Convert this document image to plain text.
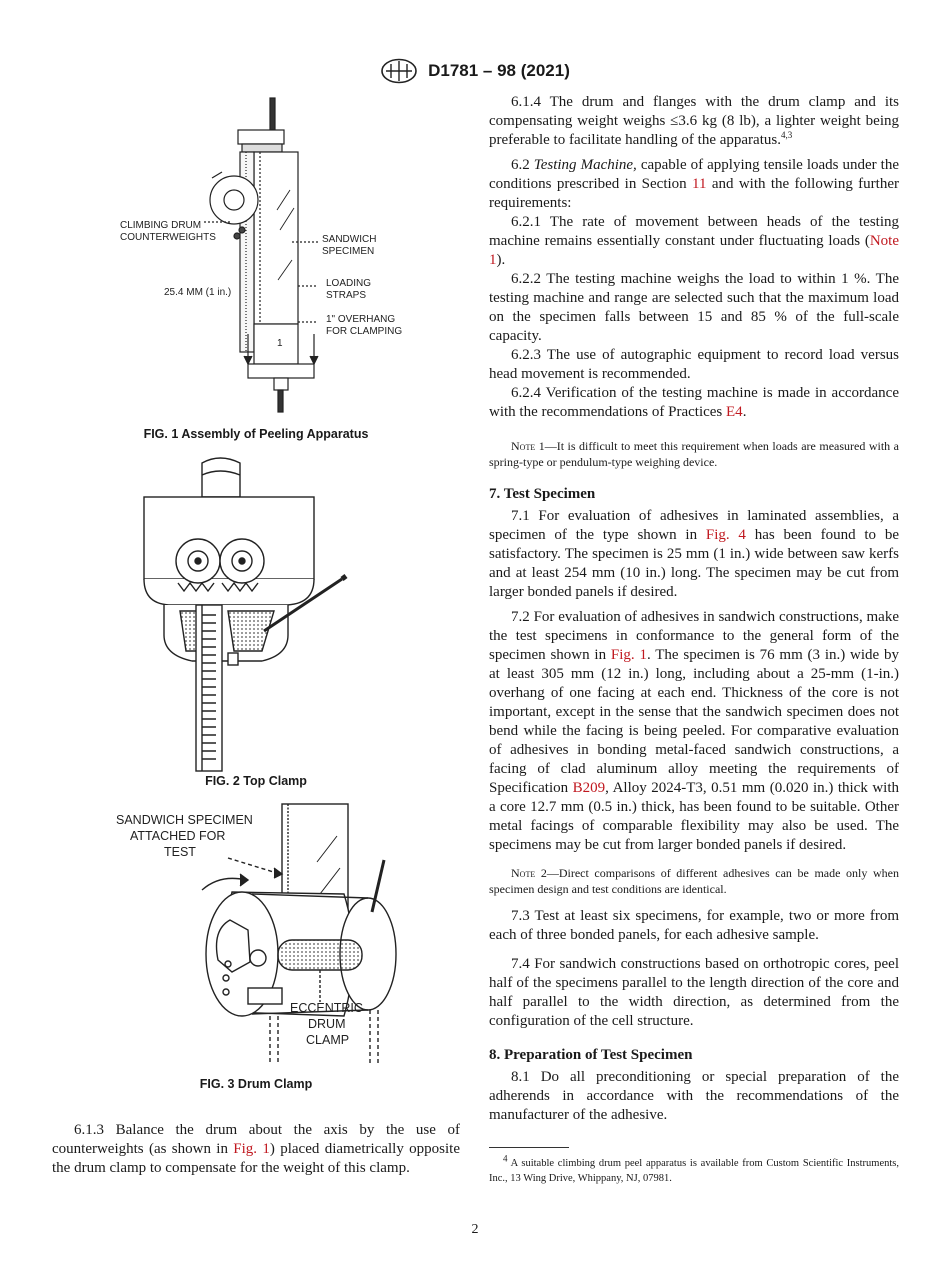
D1781 – 98 (2021)
CLIMBING DRUM
COUNTERWEIGHTS
25.4 MM (1 in.)
SANDWICH
SPECIMEN
LOADING
STRAPS
1" OVERHANG
FOR CLAMPING
1
FIG. 1 Assembly of Peeling Apparatus
FIG. 2 Top Clamp
SANDWICH SPECIMEN
ATTACHED FOR
TEST
ECCENTRIC
DRUM
CLAMP
FIG. 3 Drum Clamp

6.1.3 Balance the drum about the axis by the use of counterweights (as shown in Fig. 1) placed diametrically opposite the drum clamp to compensate for the weight of this clamp.

6.1.4 The drum and flanges with the drum clamp and its compensating weight weighs ≤3.6 kg (8 lb), a lighter weight being preferable to facilitate handling of the apparatus.$^{4,3}$

6.2 Testing Machine, capable of applying tensile loads under the conditions prescribed in Section 11 and with the following further requirements:

6.2.1 The rate of movement between heads of the testing machine remains essentially constant under fluctuating loads (Note 1).

6.2.2 The testing machine weighs the load to within 1 %. The testing machine and range are selected such that the maximum load on the specimen falls between 15 and 85 % of the full-scale capacity.

6.2.3 The use of autographic equipment to record load versus head movement is recommended.

6.2.4 Verification of the testing machine is made in accordance with the recommendations of Practices E4.

Note 1—It is difficult to meet this requirement when loads are measured with a spring-type or pendulum-type weighing device.
7. Test Specimen

7.1 For evaluation of adhesives in laminated assemblies, a specimen of the type shown in Fig. 4 has been found to be satisfactory. The specimen is 25 mm (1 in.) wide between saw kerfs and at least 254 mm (10 in.) long. The specimen may be cut from larger bonded panels if desired.

7.2 For evaluation of adhesives in sandwich constructions, make the test specimens in conformance to the general form of the specimen shown in Fig. 1. The specimen is 76 mm (3 in.) wide by at least 305 mm (12 in.) long, including about a 25-mm (1-in.) overhang of one facing at each end. Thickness of the core is not important, except in the sense that the sandwich specimen does not bend while the facing is being peeled. For comparative evaluation of adhesives in bonding metal-faced sandwich constructions, a facing of clad aluminum alloy meeting the requirements of Specification B209, Alloy 2024-T3, 0.51 mm (0.020 in.) thick with a core 12.7 mm (0.5 in.) thick, has been found to be suitable. Other metal facings of comparable flexibility may also be used. The specimens may be cut from larger bonded panels if desired.

Note 2—Direct comparisons of different adhesives can be made only when specimen design and test conditions are identical.

7.3 Test at least six specimens, for example, two or more from each of three bonded panels, for each adhesive sample.

7.4 For sandwich constructions based on orthotropic cores, peel half of the specimens parallel to the length direction of the core and half parallel to the width direction, as determined from the configuration of the cell structure.

8. Preparation of Test Specimen

8.1 Do all preconditioning or special preparation of the adherends in accordance with the recommendations of the manufacturer of the adhesive.

$^4$ A suitable climbing drum peel apparatus is available from Custom Scientific Instruments, Inc., 13 Wing Drive, Whippany, NJ, 07981.
2
